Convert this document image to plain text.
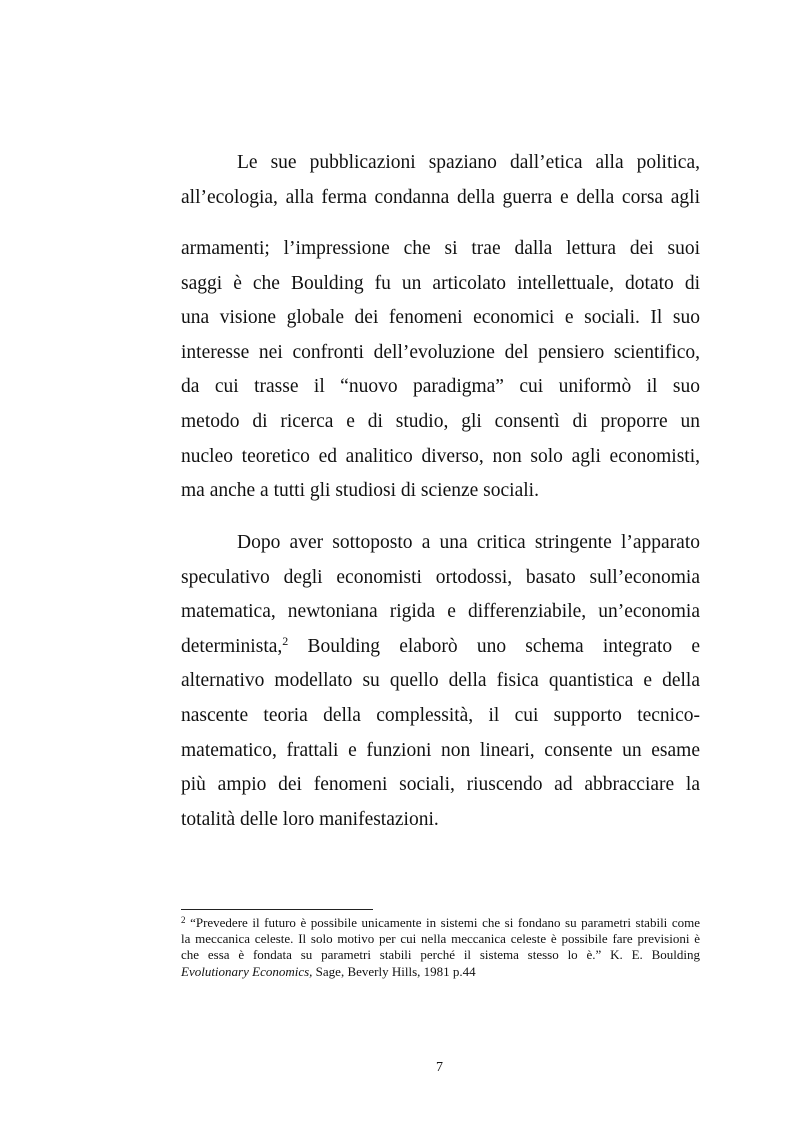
Le sue pubblicazioni spaziano dall’etica alla politica,
all’ecologia, alla ferma condanna della guerra e della corsa agli
armamenti; l’impressione che si trae dalla lettura dei suoi
saggi è che Boulding fu un articolato intellettuale, dotato di
una visione globale dei fenomeni economici e sociali. Il suo
interesse nei confronti dell’evoluzione del pensiero scientifico,
da cui trasse il “nuovo paradigma” cui uniformò il suo
metodo di ricerca e di studio, gli consentì di proporre un
nucleo teoretico ed analitico diverso, non solo agli economisti,
ma anche a tutti gli studiosi di scienze sociali.
Dopo aver sottoposto a una critica stringente l’apparato
speculativo degli economisti ortodossi, basato sull’economia
matematica, newtoniana rigida e differenziabile, un’economia
determinista,$^2$ Boulding elaborò uno schema integrato e
alternativo modellato su quello della fisica quantistica e della
nascente teoria della complessità, il cui supporto tecnico-
matematico, frattali e funzioni non lineari, consente un esame
più ampio dei fenomeni sociali, riuscendo ad abbracciare la
totalità delle loro manifestazioni.
$^2$ “Prevedere il futuro è possibile unicamente in sistemi che si fondano su parametri stabili come
la meccanica celeste. Il solo motivo per cui nella meccanica celeste è possibile fare previsioni è
che essa è fondata su parametri stabili perché il sistema stesso lo è.” K. E. Boulding
Evolutionary Economics, Sage, Beverly Hills, 1981 p.44
7
